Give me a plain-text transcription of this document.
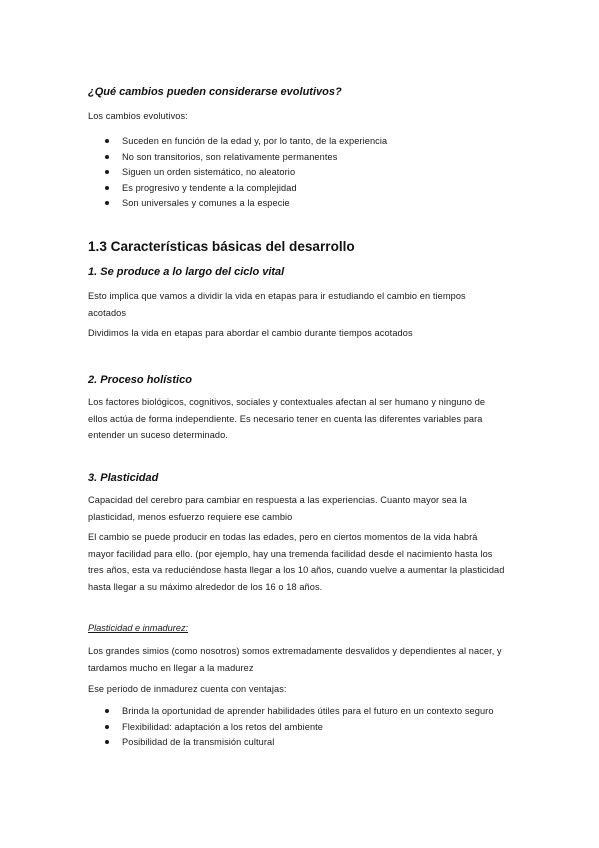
¿Qué cambios pueden considerarse evolutivos?
Los cambios evolutivos:
Suceden en función de la edad y, por lo tanto, de la experiencia
No son transitorios, son relativamente permanentes
Siguen un orden sistemático, no aleatorio
Es progresivo y tendente a la complejidad
Son universales y comunes a la especie
1.3 Características básicas del desarrollo
1. Se produce a lo largo del ciclo vital
Esto implica que vamos a dividir la vida en etapas para ir estudiando el cambio en tiempos
acotados
Dividimos la vida en etapas para abordar el cambio durante tiempos acotados
2. Proceso holístico
Los factores biológicos, cognitivos, sociales y contextuales afectan al ser humano y ninguno de
ellos actúa de forma independiente. Es necesario tener en cuenta las diferentes variables para
entender un suceso determinado.
3. Plasticidad
Capacidad del cerebro para cambiar en respuesta a las experiencias. Cuanto mayor sea la
plasticidad, menos esfuerzo requiere ese cambio
El cambio se puede producir en todas las edades, pero en ciertos momentos de la vida habrá
mayor facilidad para ello. (por ejemplo, hay una tremenda facilidad desde el nacimiento hasta los
tres años, esta va reduciéndose hasta llegar a los 10 años, cuando vuelve a aumentar la plasticidad
hasta llegar a su máximo alrededor de los 16 o 18 años.
Plasticidad e inmadurez:
Los grandes simios (como nosotros) somos extremadamente desvalidos y dependientes al nacer, y
tardamos mucho en llegar a la madurez
Ese periodo de inmadurez cuenta con ventajas:
Brinda la oportunidad de aprender habilidades útiles para el futuro en un contexto seguro
Flexibilidad: adaptación a los retos del ambiente
Posibilidad de la transmisión cultural
